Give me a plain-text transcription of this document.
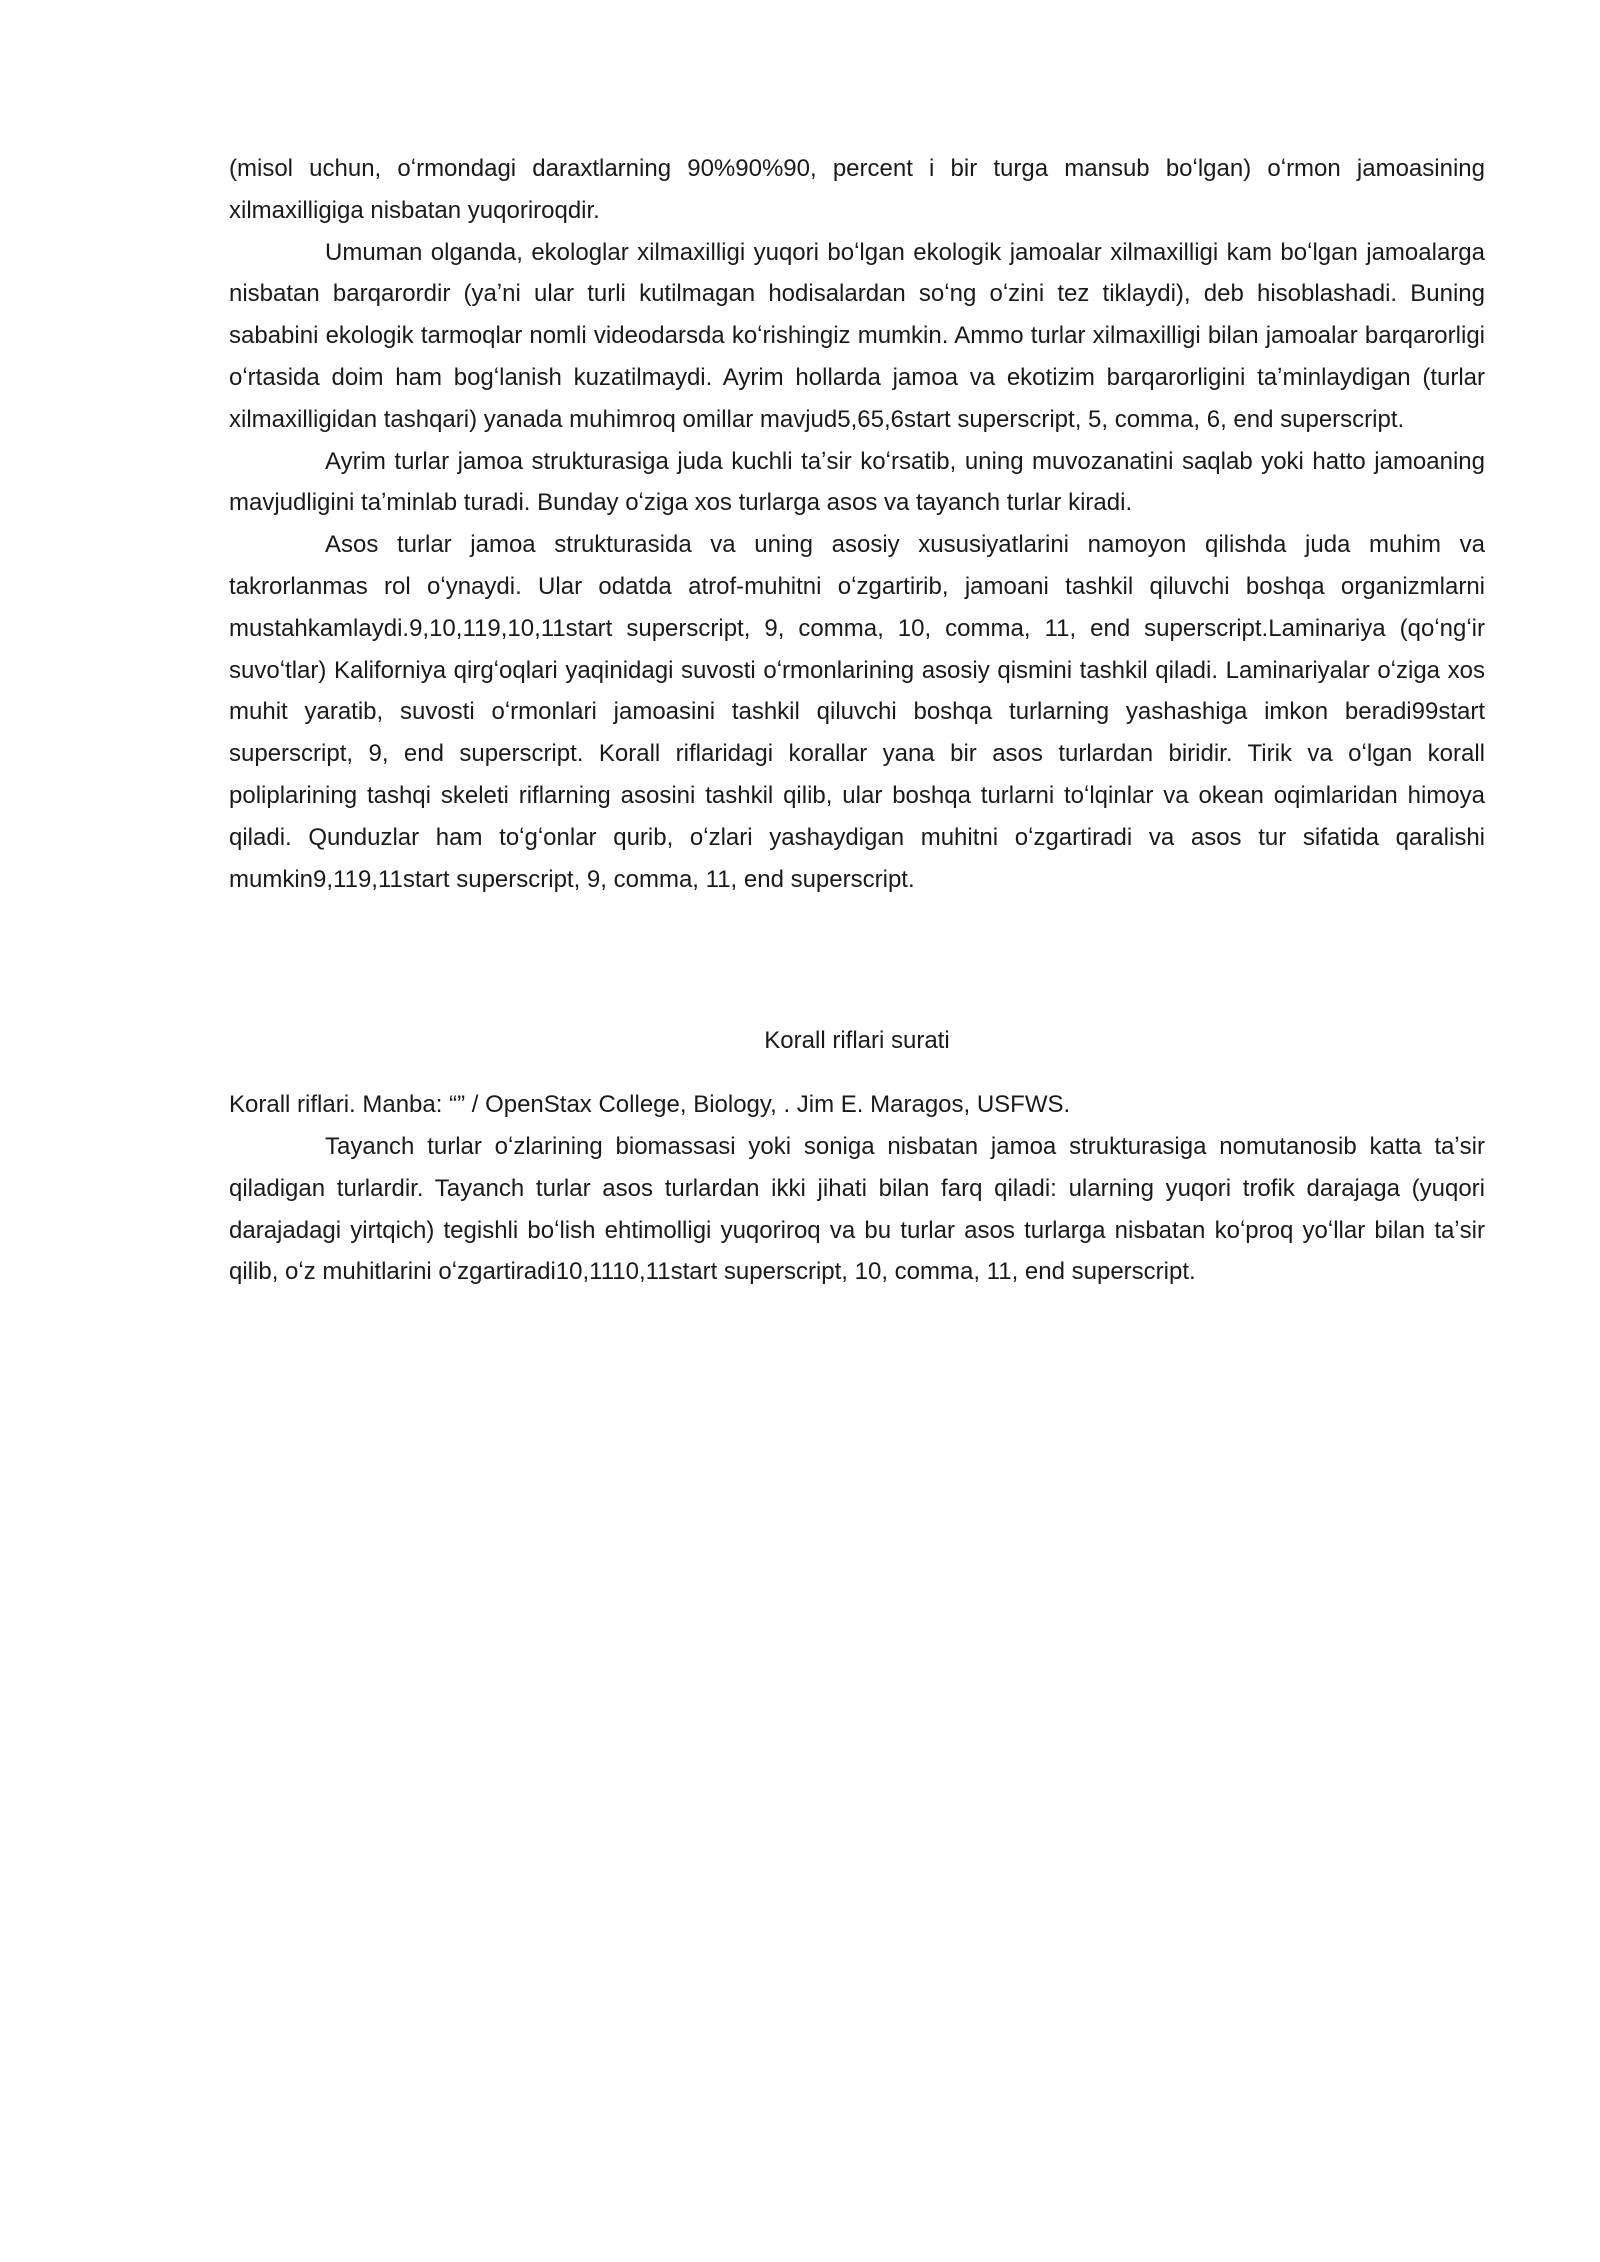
(misol uchun, oʻrmondagi daraxtlarning 90%90%90, percent i bir turga mansub boʻlgan) oʻrmon jamoasining xilmaxilligiga nisbatan yuqoriroqdir.

Umuman olganda, ekologlar xilmaxilligi yuqori boʻlgan ekologik jamoalar xilmaxilligi kam boʻlgan jamoalarga nisbatan barqarordir (yaʼni ular turli kutilmagan hodisalardan soʻng oʻzini tez tiklaydi), deb hisoblashadi. Buning sababini ekologik tarmoqlar nomli videodarsda koʻrishingiz mumkin. Ammo turlar xilmaxilligi bilan jamoalar barqarorligi oʻrtasida doim ham bogʻlanish kuzatilmaydi. Ayrim hollarda jamoa va ekotizim barqarorligini taʼminlaydigan (turlar xilmaxilligidan tashqari) yanada muhimroq omillar mavjud5,65,6start superscript, 5, comma, 6, end superscript.

Ayrim turlar jamoa strukturasiga juda kuchli taʼsir koʻrsatib, uning muvozanatini saqlab yoki hatto jamoaning mavjudligini taʼminlab turadi. Bunday oʻziga xos turlarga asos va tayanch turlar kiradi.

Asos turlar jamoa strukturasida va uning asosiy xususiyatlarini namoyon qilishda juda muhim va takrorlanmas rol oʻynaydi. Ular odatda atrof-muhitni oʻzgartirib, jamoani tashkil qiluvchi boshqa organizmlarni mustahkamlaydi.9,10,119,10,11start superscript, 9, comma, 10, comma, 11, end superscript.Laminariya (qoʻngʻir suvoʻtlar) Kaliforniya qirgʻoqlari yaqinidagi suvosti oʻrmonlarining asosiy qismini tashkil qiladi. Laminariyalar oʻziga xos muhit yaratib, suvosti oʻrmonlari jamoasini tashkil qiluvchi boshqa turlarning yashashiga imkon beradi99start superscript, 9, end superscript. Korall riflaridagi korallar yana bir asos turlardan biridir. Tirik va oʻlgan korall poliplarining tashqi skeleti riflarning asosini tashkil qilib, ular boshqa turlarni toʻlqinlar va okean oqimlaridan himoya qiladi. Qunduzlar ham toʻgʻonlar qurib, oʻzlari yashaydigan muhitni oʻzgartiradi va asos tur sifatida qaralishi mumkin9,119,11start superscript, 9, comma, 11, end superscript.

Korall riflari surati

Korall riflari. Manba: “” / OpenStax College, Biology, . Jim E. Maragos, USFWS.

Tayanch turlar oʻzlarining biomassasi yoki soniga nisbatan jamoa strukturasiga nomutanosib katta taʼsir qiladigan turlardir. Tayanch turlar asos turlardan ikki jihati bilan farq qiladi: ularning yuqori trofik darajaga (yuqori darajadagi yirtqich) tegishli boʻlish ehtimolligi yuqoriroq va bu turlar asos turlarga nisbatan koʻproq yoʻllar bilan taʼsir qilib, oʻz muhitlarini oʻzgartiradi10,1110,11start superscript, 10, comma, 11, end superscript.
